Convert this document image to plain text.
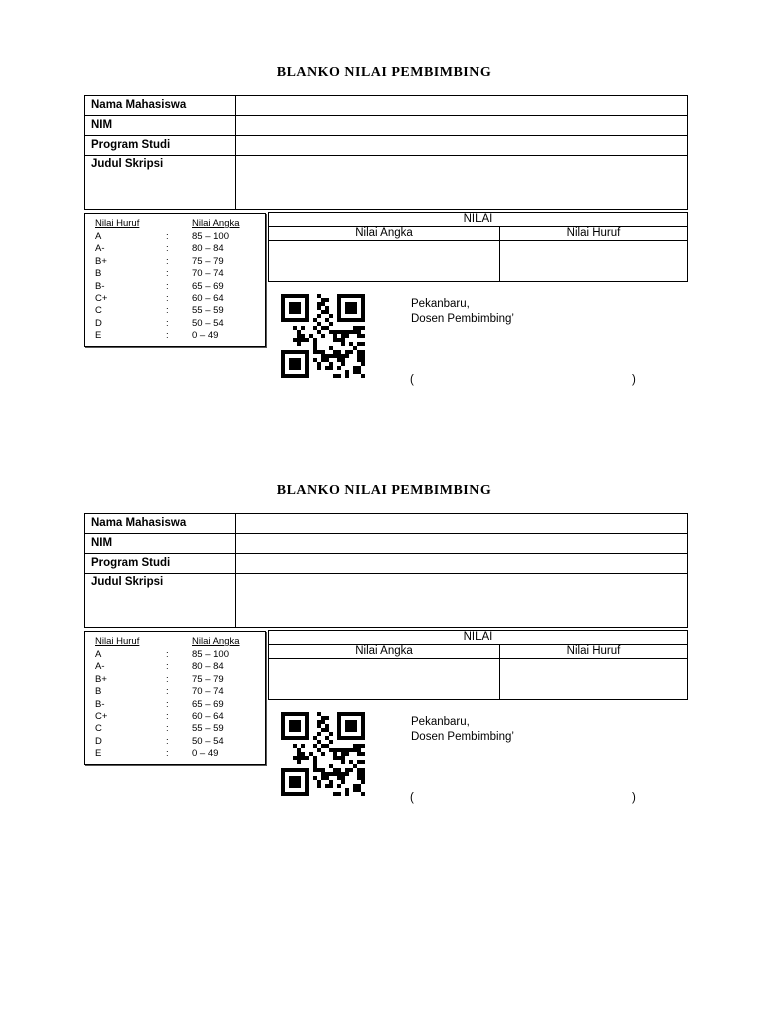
BLANKO NILAI PEMBIMBING
Nama Mahasiswa	
NIM	
Program Studi	
Judul Skripsi	
Nilai Huruf	Nilai Angka
A	: 85 – 100
A-	: 80 – 84
B+	: 75 – 79
B	: 70 – 74
B-	: 65 – 69
C+	: 60 – 64
C	: 55 – 59
D	: 50 – 54
E	: 0 – 49
NILAI	
Nilai Angka	Nilai Huruf

Pekanbaru,
Dosen Pembimbing’
(	)
BLANKO NILAI PEMBIMBING
Nama Mahasiswa	
NIM	
Program Studi	
Judul Skripsi	
Nilai Huruf	Nilai Angka
A	: 85 – 100
A-	: 80 – 84
B+	: 75 – 79
B	: 70 – 74
B-	: 65 – 69
C+	: 60 – 64
C	: 55 – 59
D	: 50 – 54
E	: 0 – 49
NILAI	
Nilai Angka	Nilai Huruf

Pekanbaru,
Dosen Pembimbing’
(	)
